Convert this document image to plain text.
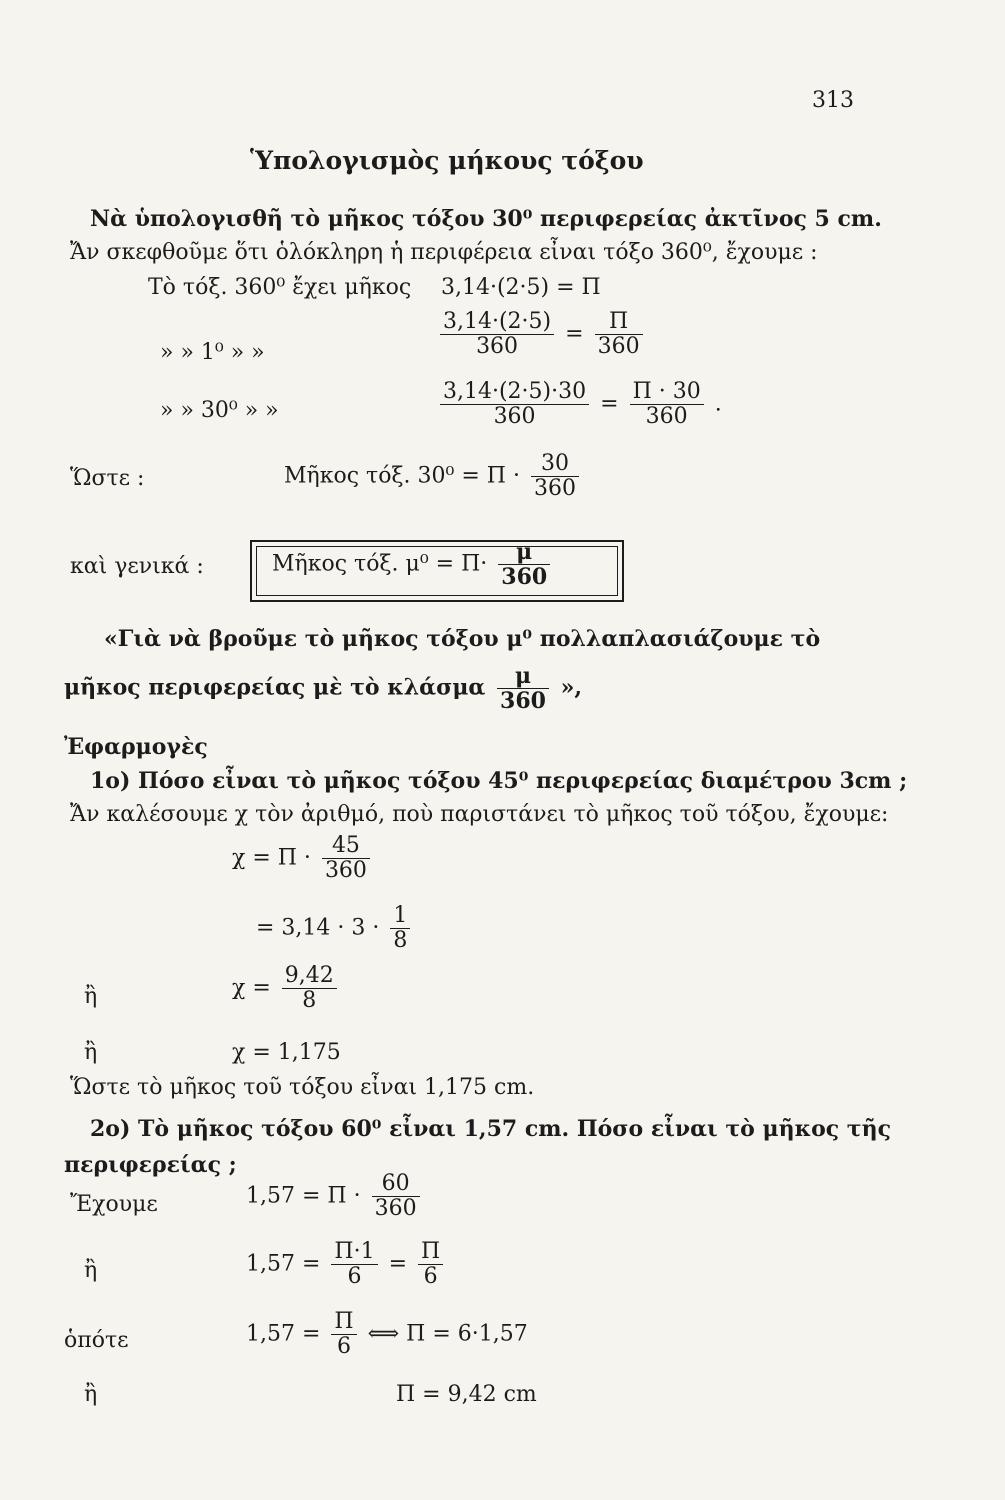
313
Ὑπολογισμὸς μήκους τόξου
Νὰ ὑπολογισθῆ τὸ μῆκος τόξου 30⁰ περιφερείας ἀκτῖνος 5 cm.
Ἄν σκεφθοῦμε ὅτι ὁλόκληρη ἡ περιφέρεια εἶναι τόξο 360⁰, ἔχουμε :
Τὸ τόξ. 360⁰ ἔχει μῆκος 3,14·(2·5) = Π
» » 1⁰ » »	$\frac{3,14\cdot(2\cdot 5)}{360} = \frac{\Pi}{360}$
» » 30⁰ » »	$\frac{3,14\cdot(2\cdot 5)\cdot 30}{360} = \frac{\Pi \cdot 30}{360}$ .
Ὥστε :	Μῆκος τόξ. $30^0 = \Pi \cdot \frac{30}{360}$
καὶ γενικά :	Μῆκος τόξ. $\mu^0 = \Pi\cdot \frac{\mu}{360}$
«Γιὰ νὰ βροῦμε τὸ μῆκος τόξου μ⁰ πολλαπλασιάζουμε τὸ
μῆκος περιφερείας μὲ τὸ κλάσμα $\frac{\mu}{360}$ »,
Ἐφαρμογὲς
1ο) Πόσο εἶναι τὸ μῆκος τόξου 45⁰ περιφερείας διαμέτρου 3cm ;
Ἄν καλέσουμε χ τὸν ἀριθμό, ποὺ παριστάνει τὸ μῆκος τοῦ τόξου, ἔχουμε:
$\chi = \Pi \cdot \frac{45}{360}$
= $3,14 \cdot 3 \cdot \frac{1}{8}$
ἢ	$\chi = \frac{9,42}{8}$
ἢ	χ = 1,175
Ὥστε τὸ μῆκος τοῦ τόξου εἶναι 1,175 cm.
2ο) Τὸ μῆκος τόξου 60⁰ εἶναι 1,57 cm. Πόσο εἶναι τὸ μῆκος τῆς
περιφερείας ;
Ἔχουμε	$1,57 = \Pi \cdot \frac{60}{360}$
ἢ	$1,57 = \frac{\Pi\cdot 1}{6} = \frac{\Pi}{6}$
ὁπότε	$1,57 = \frac{\Pi}{6}$ ⟺ Π = 6·1,57
ἢ	Π = 9,42 cm
